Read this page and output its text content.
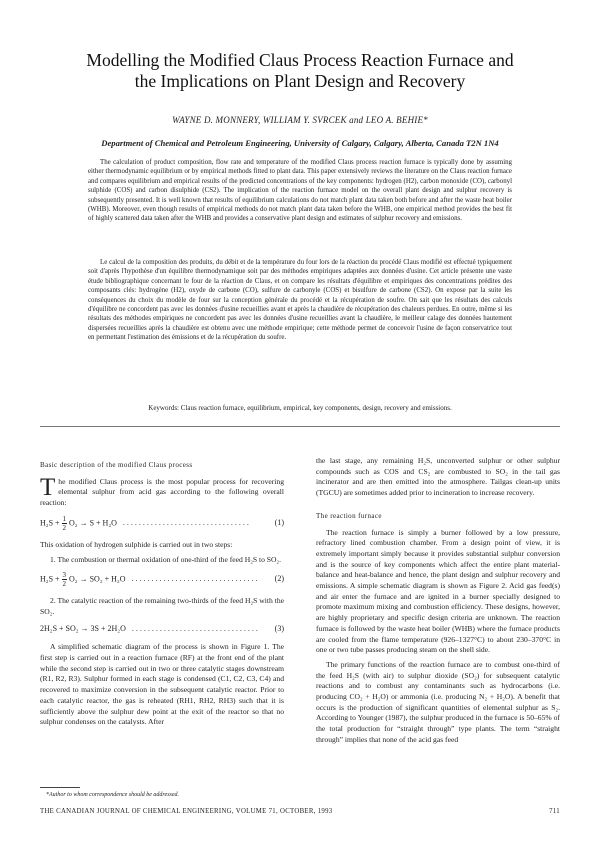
Modelling the Modified Claus Process Reaction Furnace and
the Implications on Plant Design and Recovery
WAYNE D. MONNERY, WILLIAM Y. SVRCEK and LEO A. BEHIE*
Department of Chemical and Petroleum Engineering, University of Calgary, Calgary, Alberta, Canada T2N 1N4

The calculation of product composition, flow rate and temperature of the modified Claus process reaction furnace is typically done by assuming either thermodynamic equilibrium or by empirical methods fitted to plant data. This paper extensively reviews the literature on the Claus reaction furnace and compares equilibrium and empirical results of the predicted concentrations of the key components: hydrogen (H2), carbon monoxide (CO), carbonyl sulphide (COS) and carbon disulphide (CS2). The implication of the reaction furnace model on the overall plant design and sulphur recovery is subsequently presented. It is well known that results of equilibrium calculations do not match plant data taken both before and after the waste heat boiler (WHB). Moreover, even though results of empirical methods do not match plant data taken before the WHB, one empirical method provides the best fit of highly scattered data taken after the WHB and provides a conservative plant design and estimates of sulphur recovery and emissions.

Le calcul de la composition des produits, du débit et de la température du four lors de la réaction du procédé Claus modifié est effectué typiquement soit d'après l'hypothèse d'un équilibre thermodynamique soit par des méthodes empiriques adaptées aux données d'usine. Cet article présente une vaste étude bibliographique concernant le four de la réaction de Claus, et on compare les résultats d'équilibre et empiriques des concentrations prédites des composants clés: hydrogène (H2), oxyde de carbone (CO), sulfure de carbonyle (COS) et bisulfure de carbone (CS2). On expose par la suite les conséquences du choix du modèle de four sur la conception générale du procédé et la récupération de soufre. On sait que les résultats des calculs d'équilibre ne concordent pas avec les données d'usine recueillies avant et après la chaudière de récupération des chaleurs perdues. En outre, même si les résultats des méthodes empiriques ne concordent pas avec les données d'usine recueillies avant la chaudière, le meilleur calage des données hautement dispersées recueillies après la chaudière est obtenu avec une méthode empirique; cette méthode permet de concevoir l'usine de façon conservatrice tout en permettant l'estimation des émissions et de la récupération du soufre.

Keywords: Claus reaction furnace, equilibrium, empirical, key components, design, recovery and emissions.
Basic description of the modified Claus process

The modified Claus process is the most popular process for recovering elemental sulphur from acid gas according to the following overall reaction:

$H_2S + \frac{1}{2} O_2 \to S + H_2O$ . . .	(1)

This oxidation of hydrogen sulphide is carried out in two steps:

1. The combustion or thermal oxidation of one-third of the feed H₂S to SO₂.

$H_2S + \frac{3}{2} O_2 \to SO_2 + H_2O$ . . .	(2)

2. The catalytic reaction of the remaining two-thirds of the feed H₂S with the SO₂.

2H₂S + SO₂ → 3S + 2H₂O . . .	(3)

A simplified schematic diagram of the process is shown in Figure 1. The first step is carried out in a reaction furnace (RF) at the front end of the plant while the second step is carried out in two or three catalytic stages downstream (R1, R2, R3). Sulphur formed in each stage is condensed (C1, C2, C3, C4) and recovered to maximize conversion in the subsequent catalytic reactor. Prior to each catalytic reactor, the gas is reheated (RH1, RH2, RH3) such that it is sufficiently above the sulphur dew point at the exit of the reactor so that no sulphur condenses on the catalysts. After

the last stage, any remaining H₂S, unconverted sulphur or other sulphur compounds such as COS and CS₂ are combusted to SO₂ in the tail gas incinerator and are then emitted into the atmosphere. Tailgas clean-up units (TGCU) are sometimes added prior to incineration to increase recovery.

The reaction furnace

The reaction furnace is simply a burner followed by a low pressure, refractory lined combustion chamber. From a design point of view, it is extremely important simply because it provides substantial sulphur conversion and is the source of key components which affect the entire plant material-balance and heat-balance and hence, the plant design and sulphur recovery and emissions. A simple schematic diagram is shown as Figure 2. Acid gas feed(s) and air enter the furnace and are ignited in a burner specially designed to promote maximum mixing and combustion efficiency. These designs, however, are highly proprietary and specific design criteria are unknown. The reaction furnace is followed by the waste heat boiler (WHB) where the furnace products are cooled from the flame temperature (926–1327°C) to about 230–370°C in one or two tube passes producing steam on the shell side.

The primary functions of the reaction furnace are to combust one-third of the feed H₂S (with air) to sulphur dioxide (SO₂) for subsequent catalytic reactions and to combust any contaminants such as hydrocarbons (i.e. producing CO₂ + H₂O) or ammonia (i.e. producing N₂ + H₂O). A benefit that occurs is the production of significant quantities of elemental sulphur as S₂. According to Younger (1987), the sulphur produced in the furnace is 50–65% of the total production for “straight through” type plants. The term “straight through” implies that none of the acid gas feed

*Author to whom correspondence should be addressed.
THE CANADIAN JOURNAL OF CHEMICAL ENGINEERING, VOLUME 71, OCTOBER, 1993	711
